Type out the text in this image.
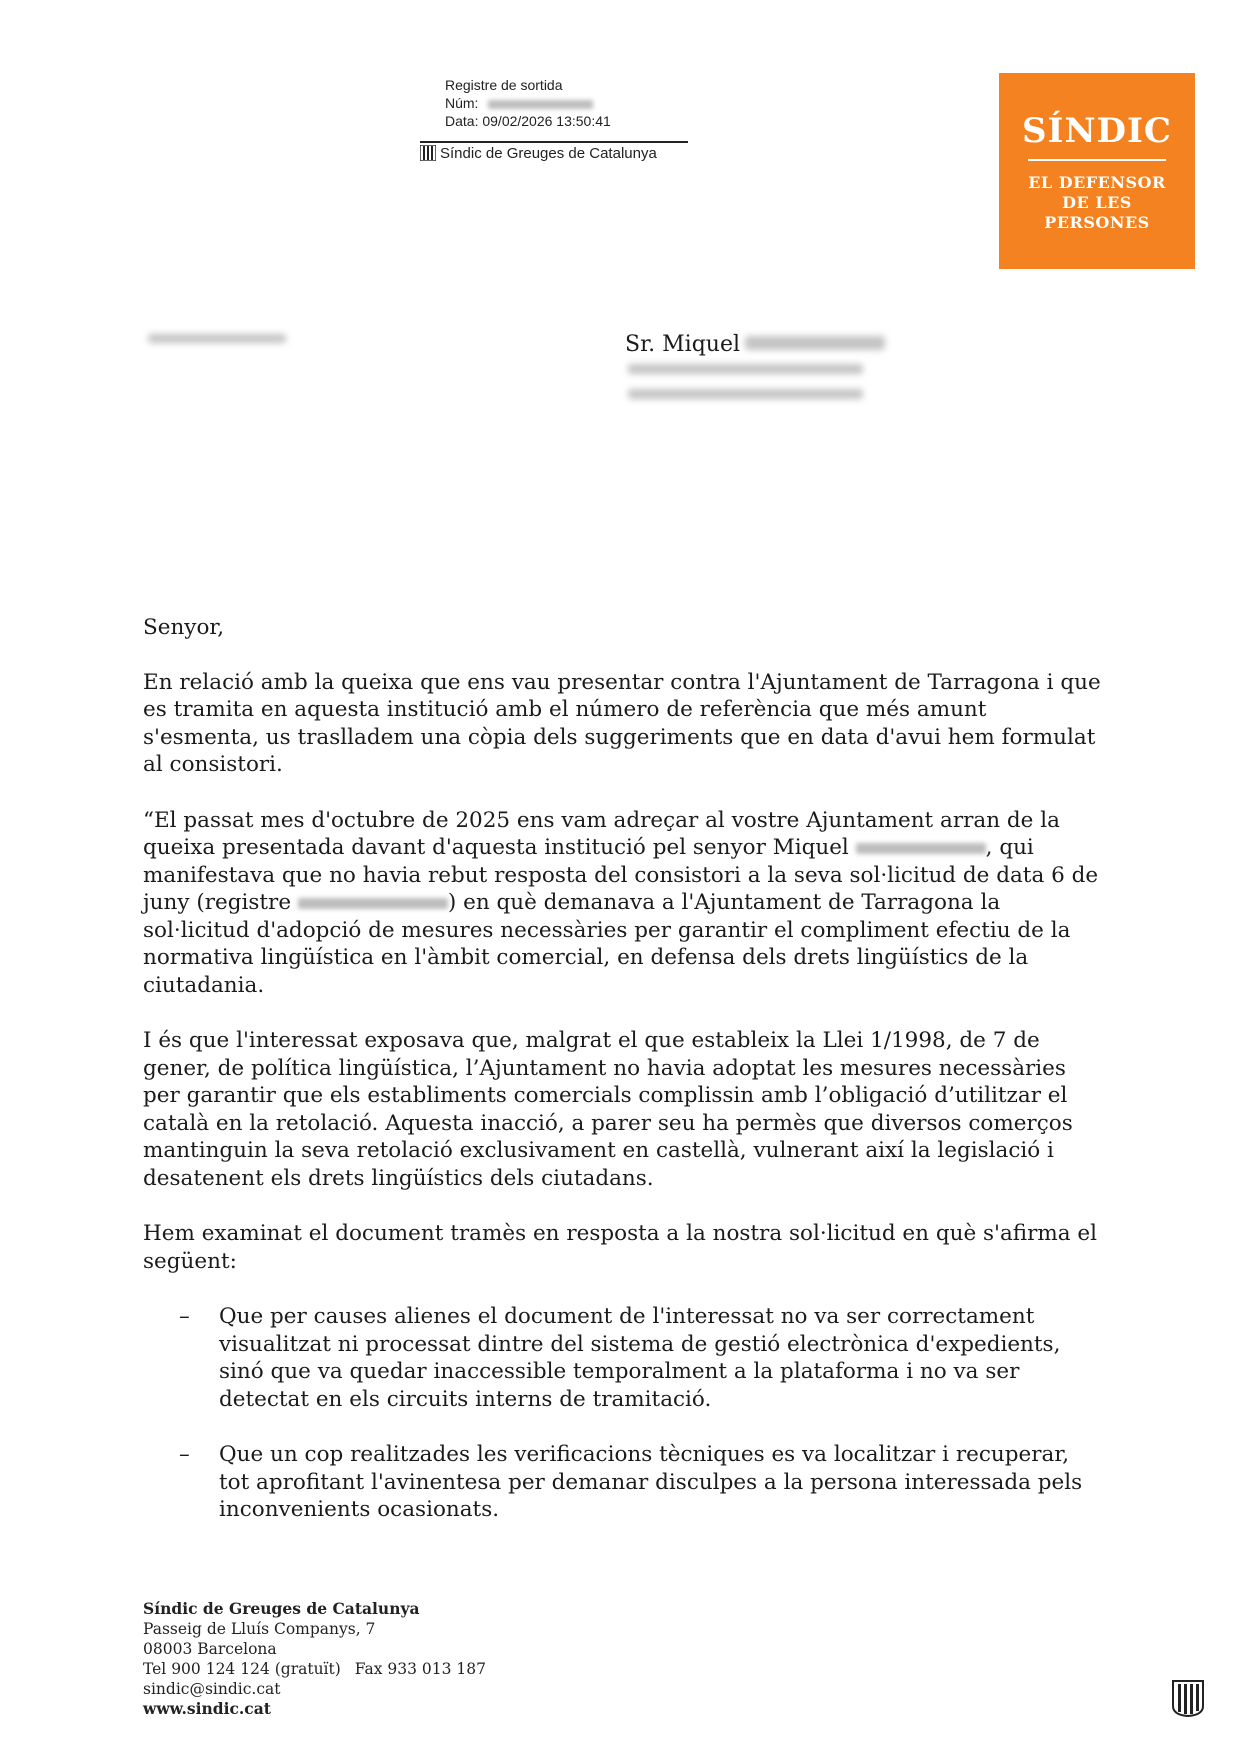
Registre de sortida
Núm:
Data: 09/02/2026 13:50:41
Síndic de Greuges de Catalunya
SÍNDIC
EL DEFENSOR
DE LES
PERSONES
Sr. Miquel

Senyor,

En relació amb la queixa que ens vau presentar contra l'Ajuntament de Tarragona i que es tramita en aquesta institució amb el número de referència que més amunt s'esmenta, us traslladem una còpia dels suggeriments que en data d'avui hem formulat al consistori.

“El passat mes d'octubre de 2025 ens vam adreçar al vostre Ajuntament arran de la queixa presentada davant d'aquesta institució pel senyor Miquel	, qui manifestava que no havia rebut resposta del consistori a la seva sol·licitud de data 6 de juny (registre	) en què demanava a l'Ajuntament de Tarragona la sol·licitud d'adopció de mesures necessàries per garantir el compliment efectiu de la normativa lingüística en l'àmbit comercial, en defensa dels drets lingüístics de la ciutadania.

I és que l'interessat exposava que, malgrat el que estableix la Llei 1/1998, de 7 de gener, de política lingüística, l’Ajuntament no havia adoptat les mesures necessàries per garantir que els establiments comercials complissin amb l’obligació d’utilitzar el català en la retolació. Aquesta inacció, a parer seu ha permès que diversos comerços mantinguin la seva retolació exclusivament en castellà, vulnerant així la legislació i desatenent els drets lingüístics dels ciutadans.

Hem examinat el document tramès en resposta a la nostra sol·licitud en què s'afirma el següent:

–	Que per causes alienes el document de l'interessat no va ser correctament visualitzat ni processat dintre del sistema de gestió electrònica d'expedients, sinó que va quedar inaccessible temporalment a la plataforma i no va ser detectat en els circuits interns de tramitació.
–	Que un cop realitzades les verificacions tècniques es va localitzar i recuperar, tot aprofitant l'avinentesa per demanar disculpes a la persona interessada pels inconvenients ocasionats.
Síndic de Greuges de Catalunya
Passeig de Lluís Companys, 7
08003 Barcelona
Tel 900 124 124 (gratuït) Fax 933 013 187
sindic@sindic.cat
www.sindic.cat
